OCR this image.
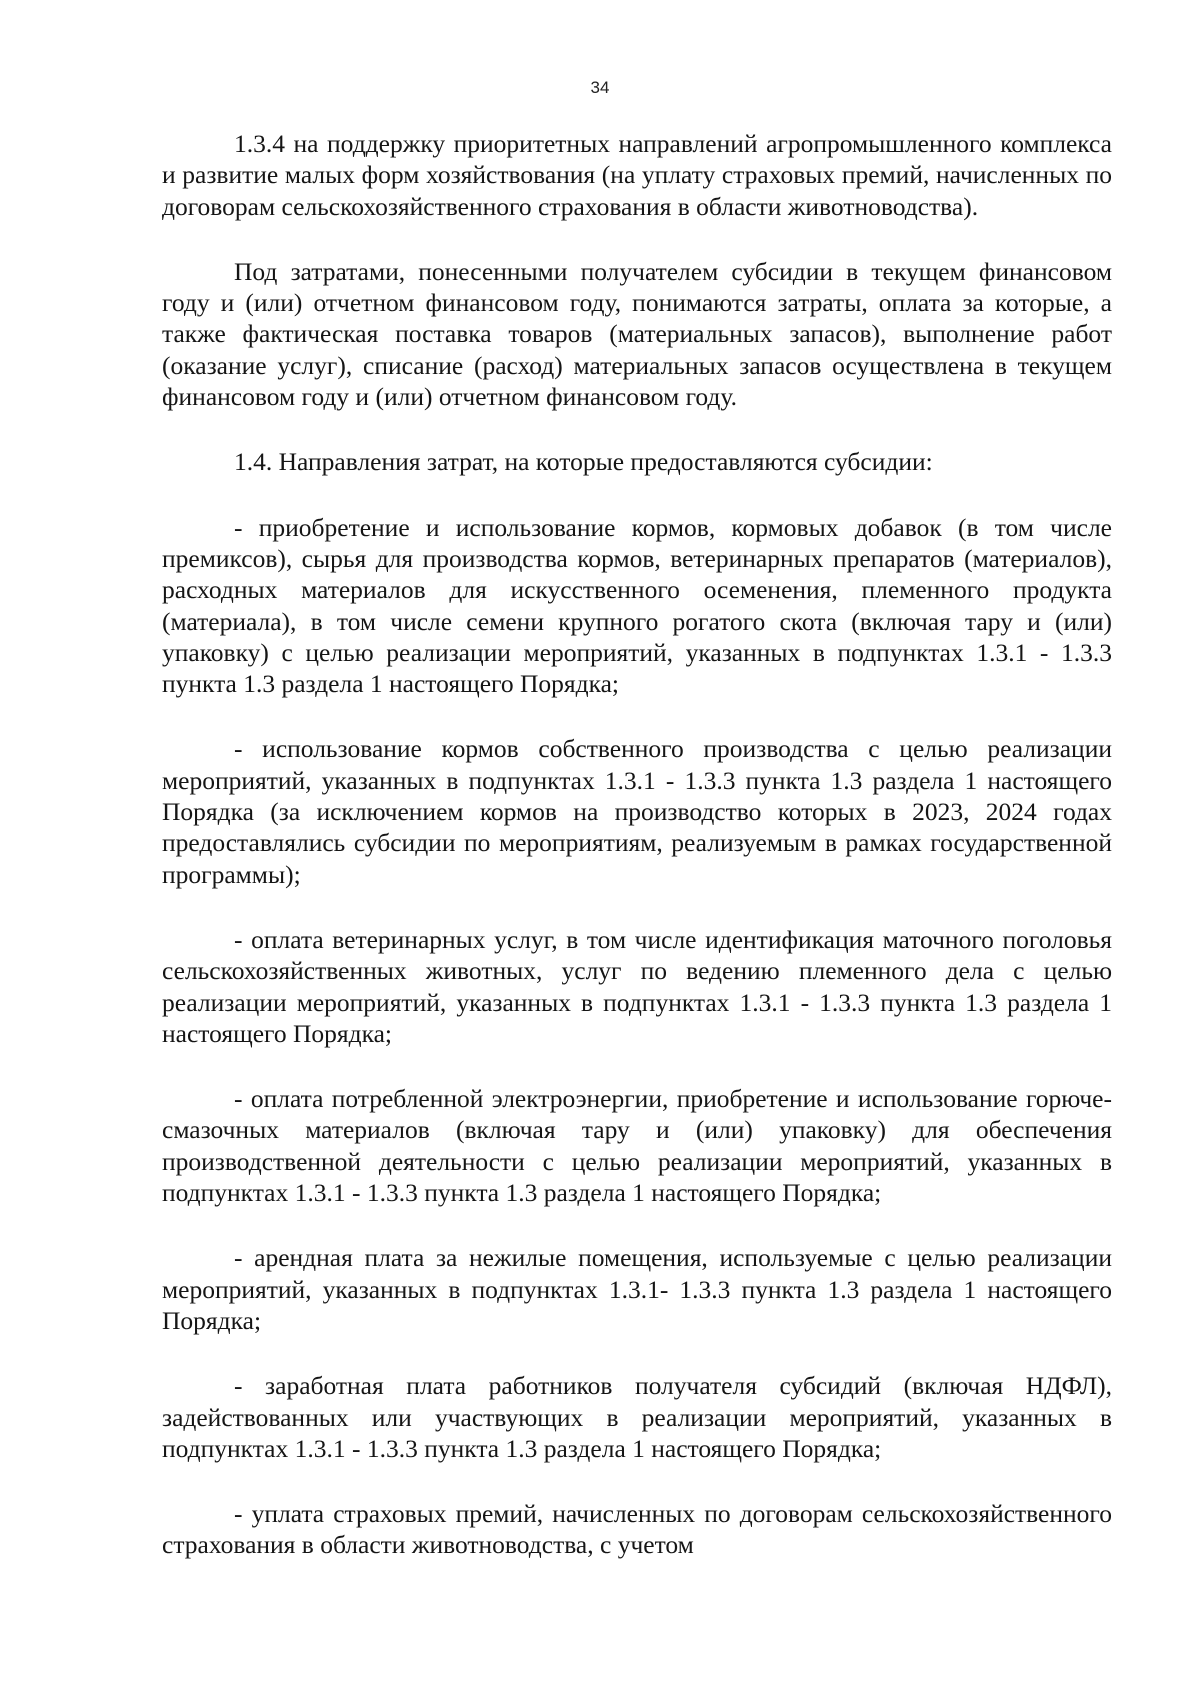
34

1.3.4 на поддержку приоритетных направлений агропромышленного комплекса и развитие малых форм хозяйствования (на уплату страховых премий, начисленных по договорам сельскохозяйственного страхования в области животноводства).

Под затратами, понесенными получателем субсидии в текущем финансовом году и (или) отчетном финансовом году, понимаются затраты, оплата за которые, а также фактическая поставка товаров (материальных запасов), выполнение работ (оказание услуг), списание (расход) материальных запасов осуществлена в текущем финансовом году и (или) отчетном финансовом году.

1.4. Направления затрат, на которые предоставляются субсидии:

- приобретение и использование кормов, кормовых добавок (в том числе премиксов), сырья для производства кормов, ветеринарных препаратов (материалов), расходных материалов для искусственного осеменения, племенного продукта (материала), в том числе семени крупного рогатого скота (включая тару и (или) упаковку) с целью реализации мероприятий, указанных в подпунктах 1.3.1 - 1.3.3 пункта 1.3 раздела 1 настоящего Порядка;

- использование кормов собственного производства с целью реализации мероприятий, указанных в подпунктах 1.3.1 - 1.3.3 пункта 1.3 раздела 1 настоящего Порядка (за исключением кормов на производство которых в 2023, 2024 годах предоставлялись субсидии по мероприятиям, реализуемым в рамках государственной программы);

- оплата ветеринарных услуг, в том числе идентификация маточного поголовья сельскохозяйственных животных, услуг по ведению племенного дела с целью реализации мероприятий, указанных в подпунктах 1.3.1 - 1.3.3 пункта 1.3 раздела 1 настоящего Порядка;

- оплата потребленной электроэнергии, приобретение и использование горюче-смазочных материалов (включая тару и (или) упаковку) для обеспечения производственной деятельности с целью реализации мероприятий, указанных в подпунктах 1.3.1 - 1.3.3 пункта 1.3 раздела 1 настоящего Порядка;

- арендная плата за нежилые помещения, используемые с целью реализации мероприятий, указанных в подпунктах 1.3.1- 1.3.3 пункта 1.3 раздела 1 настоящего Порядка;

- заработная плата работников получателя субсидий (включая НДФЛ), задействованных или участвующих в реализации мероприятий, указанных в подпунктах 1.3.1 - 1.3.3 пункта 1.3 раздела 1 настоящего Порядка;

- уплата страховых премий, начисленных по договорам сельскохозяйственного страхования в области животноводства, с учетом
